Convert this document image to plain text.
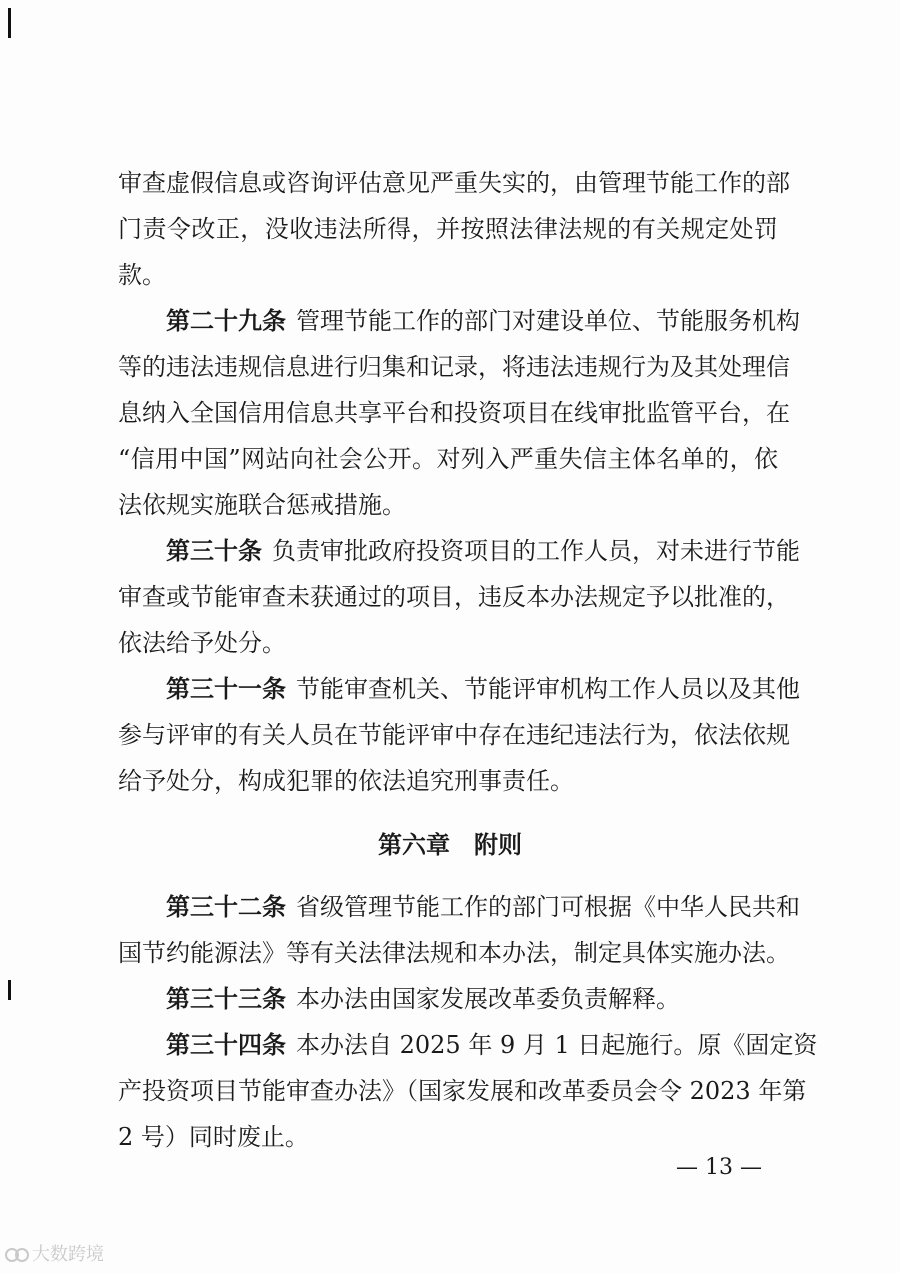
审查虚假信息或咨询评估意见严重失实的，由管理节能工作的部
门责令改正，没收违法所得，并按照法律法规的有关规定处罚
款。
第二十九条 管理节能工作的部门对建设单位、节能服务机构
等的违法违规信息进行归集和记录，将违法违规行为及其处理信
息纳入全国信用信息共享平台和投资项目在线审批监管平台，在
“信用中国”网站向社会公开。对列入严重失信主体名单的，依
法依规实施联合惩戒措施。
第三十条 负责审批政府投资项目的工作人员，对未进行节能
审查或节能审查未获通过的项目，违反本办法规定予以批准的，
依法给予处分。
第三十一条 节能审查机关、节能评审机构工作人员以及其他
参与评审的有关人员在节能评审中存在违纪违法行为，依法依规
给予处分，构成犯罪的依法追究刑事责任。
第六章　附则
第三十二条 省级管理节能工作的部门可根据《中华人民共和
国节约能源法》等有关法律法规和本办法，制定具体实施办法。
第三十三条 本办法由国家发展改革委负责解释。
第三十四条 本办法自 2025 年 9 月 1 日起施行。原《固定资
产投资项目节能审查办法》（国家发展和改革委员会令 2023 年第
2 号）同时废止。
— 13 —
大数跨境
